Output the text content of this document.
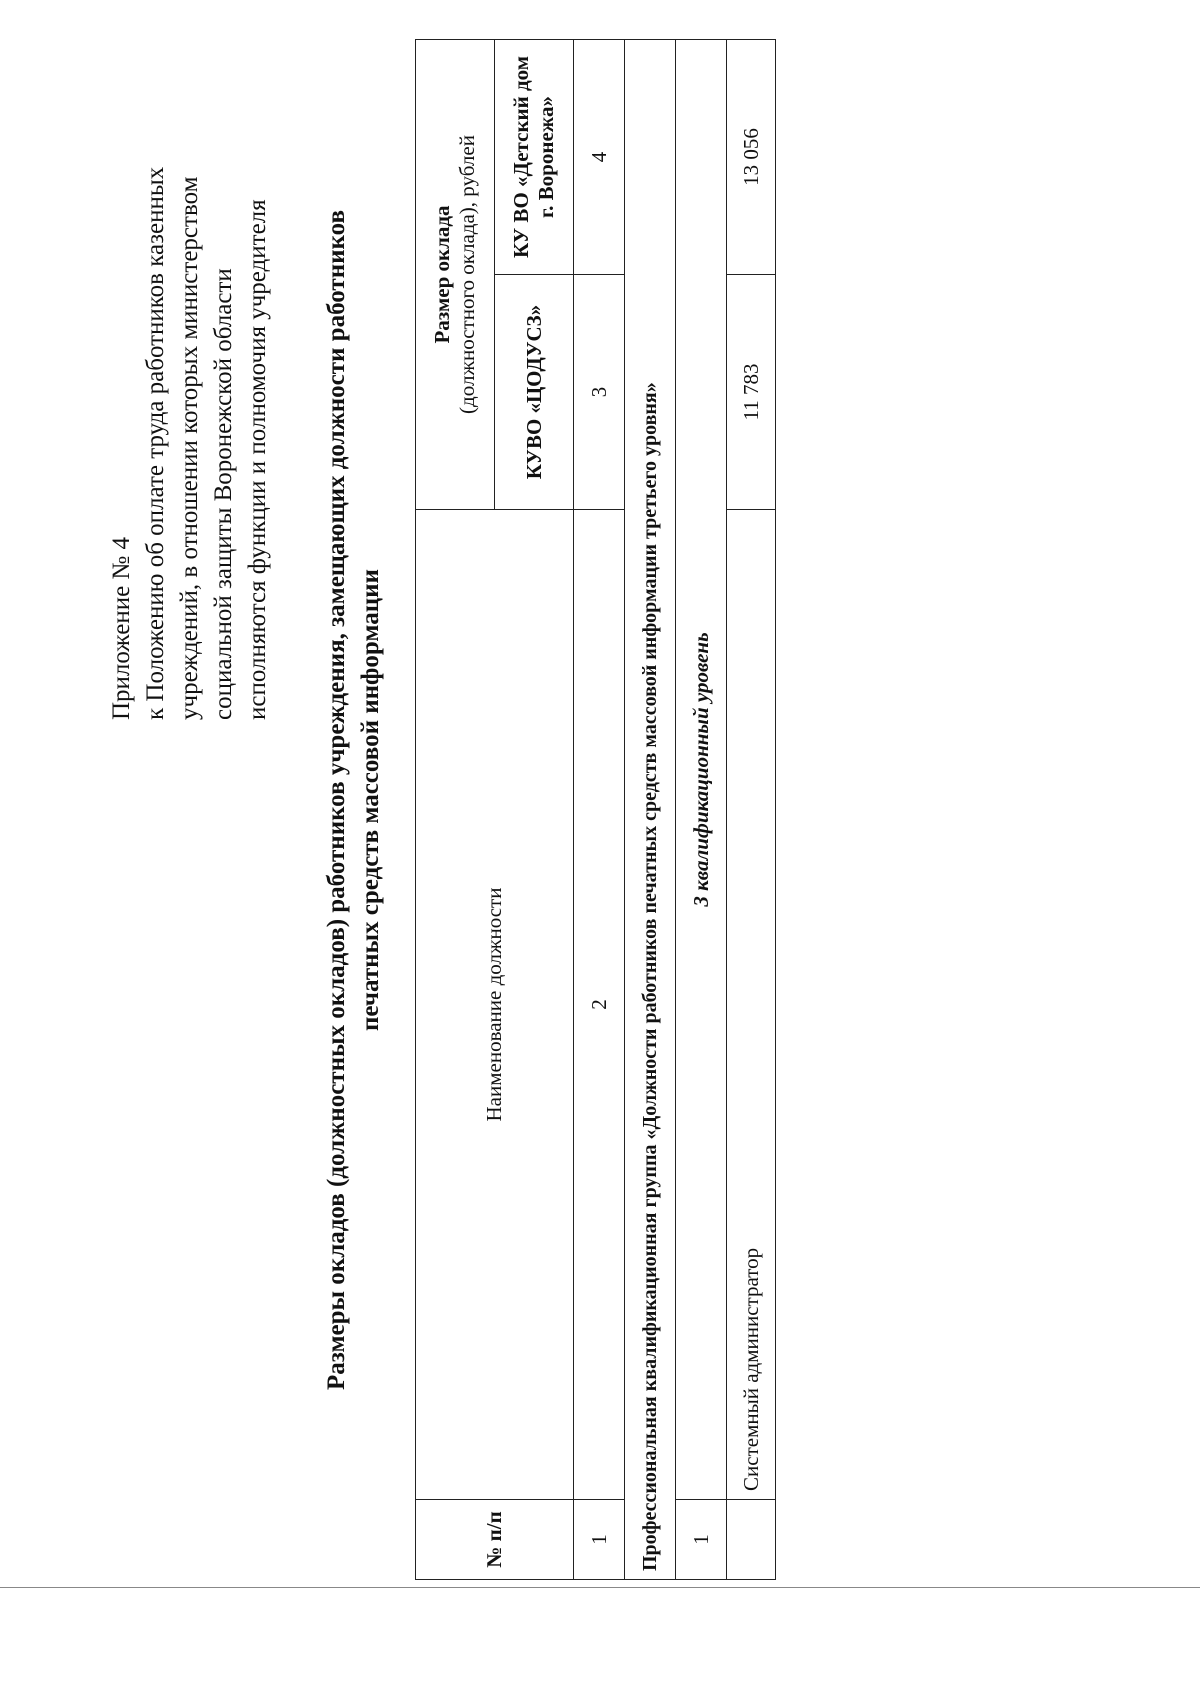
Приложение № 4 к Положению об оплате труда работников казенных учреждений, в отношении которых министерством социальной защиты Воронежской области исполняются функции и полномочия учредителя Размеры окладов (должностных окладов) работников учреждения, замещающих должности работников печатных средств массовой информации
№ п/п	Наименование должности	Размер оклада (должностного оклада), рублей	

		КУВО «ЦОДУСЗ»	КУ ВО «Детский дом г. Воронежа»
1	2	3	4
Профессиональная квалификационная группа «Должности работников печатных средств массовой информации третьего уровня»			
1	3 квалификационный уровень		
	Системный администратор	11 783	13 056
